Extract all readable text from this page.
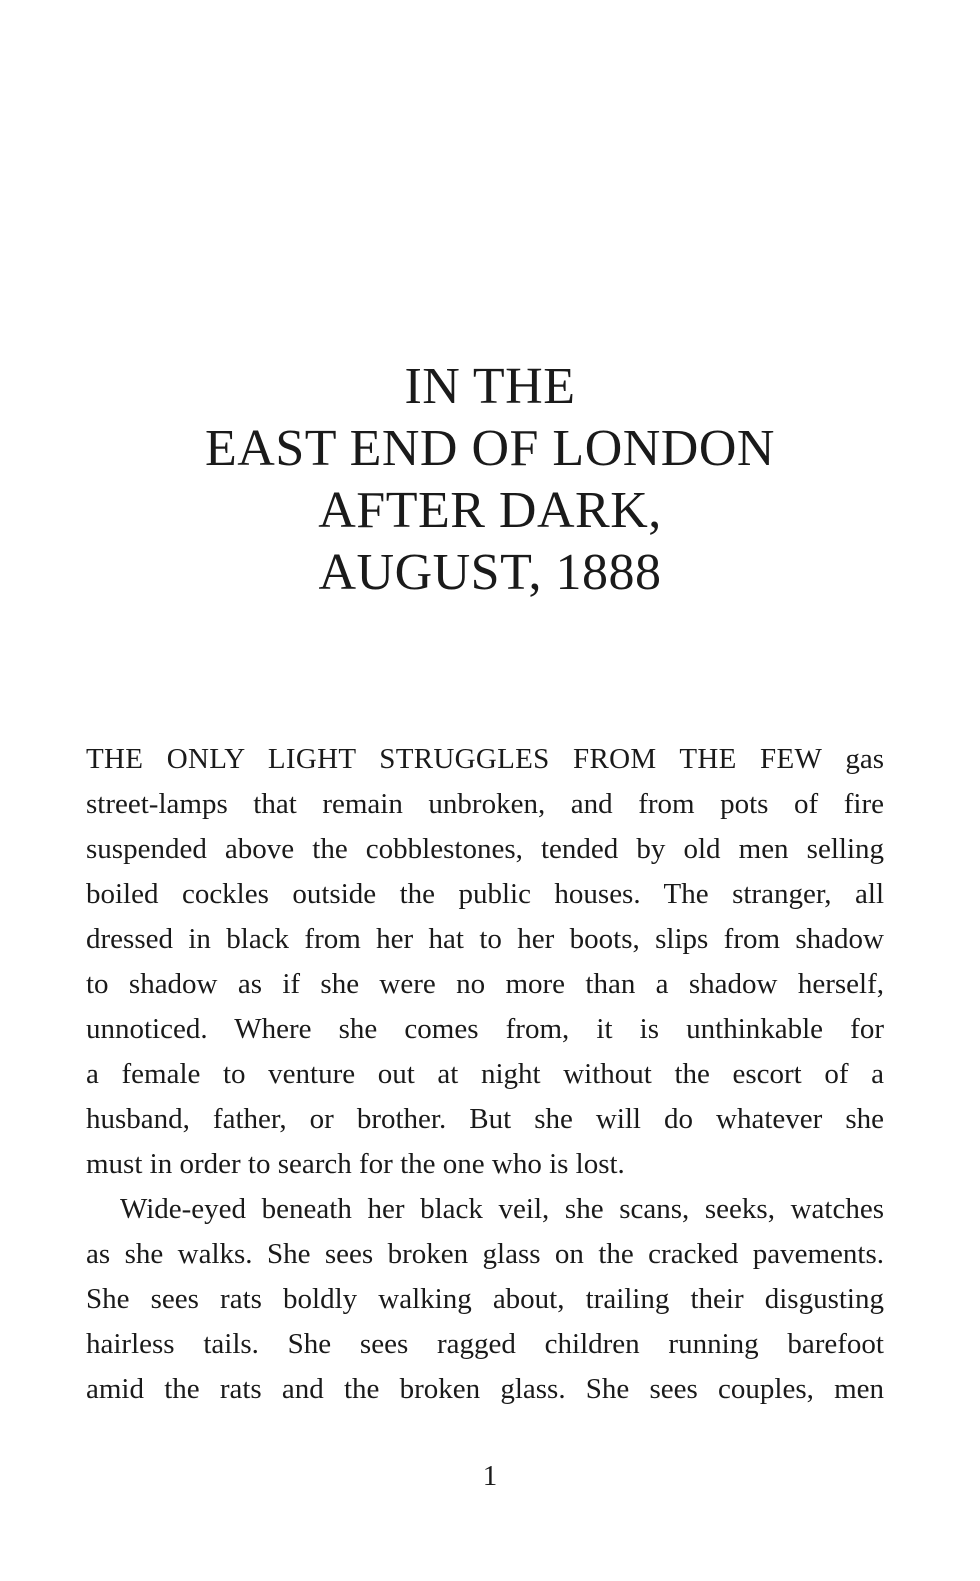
IN THE
EAST END OF LONDON
AFTER DARK,
AUGUST, 1888
THE ONLY LIGHT STRUGGLES FROM THE FEW gas
street-lamps that remain unbroken, and from pots of fire
suspended above the cobblestones, tended by old men selling
boiled cockles outside the public houses. The stranger, all
dressed in black from her hat to her boots, slips from shadow
to shadow as if she were no more than a shadow herself,
unnoticed. Where she comes from, it is unthinkable for
a female to venture out at night without the escort of a
husband, father, or brother. But she will do whatever she
must in order to search for the one who is lost.
Wide-eyed beneath her black veil, she scans, seeks, watches
as she walks. She sees broken glass on the cracked pavements.
She sees rats boldly walking about, trailing their disgusting
hairless tails. She sees ragged children running barefoot
amid the rats and the broken glass. She sees couples, men
1
